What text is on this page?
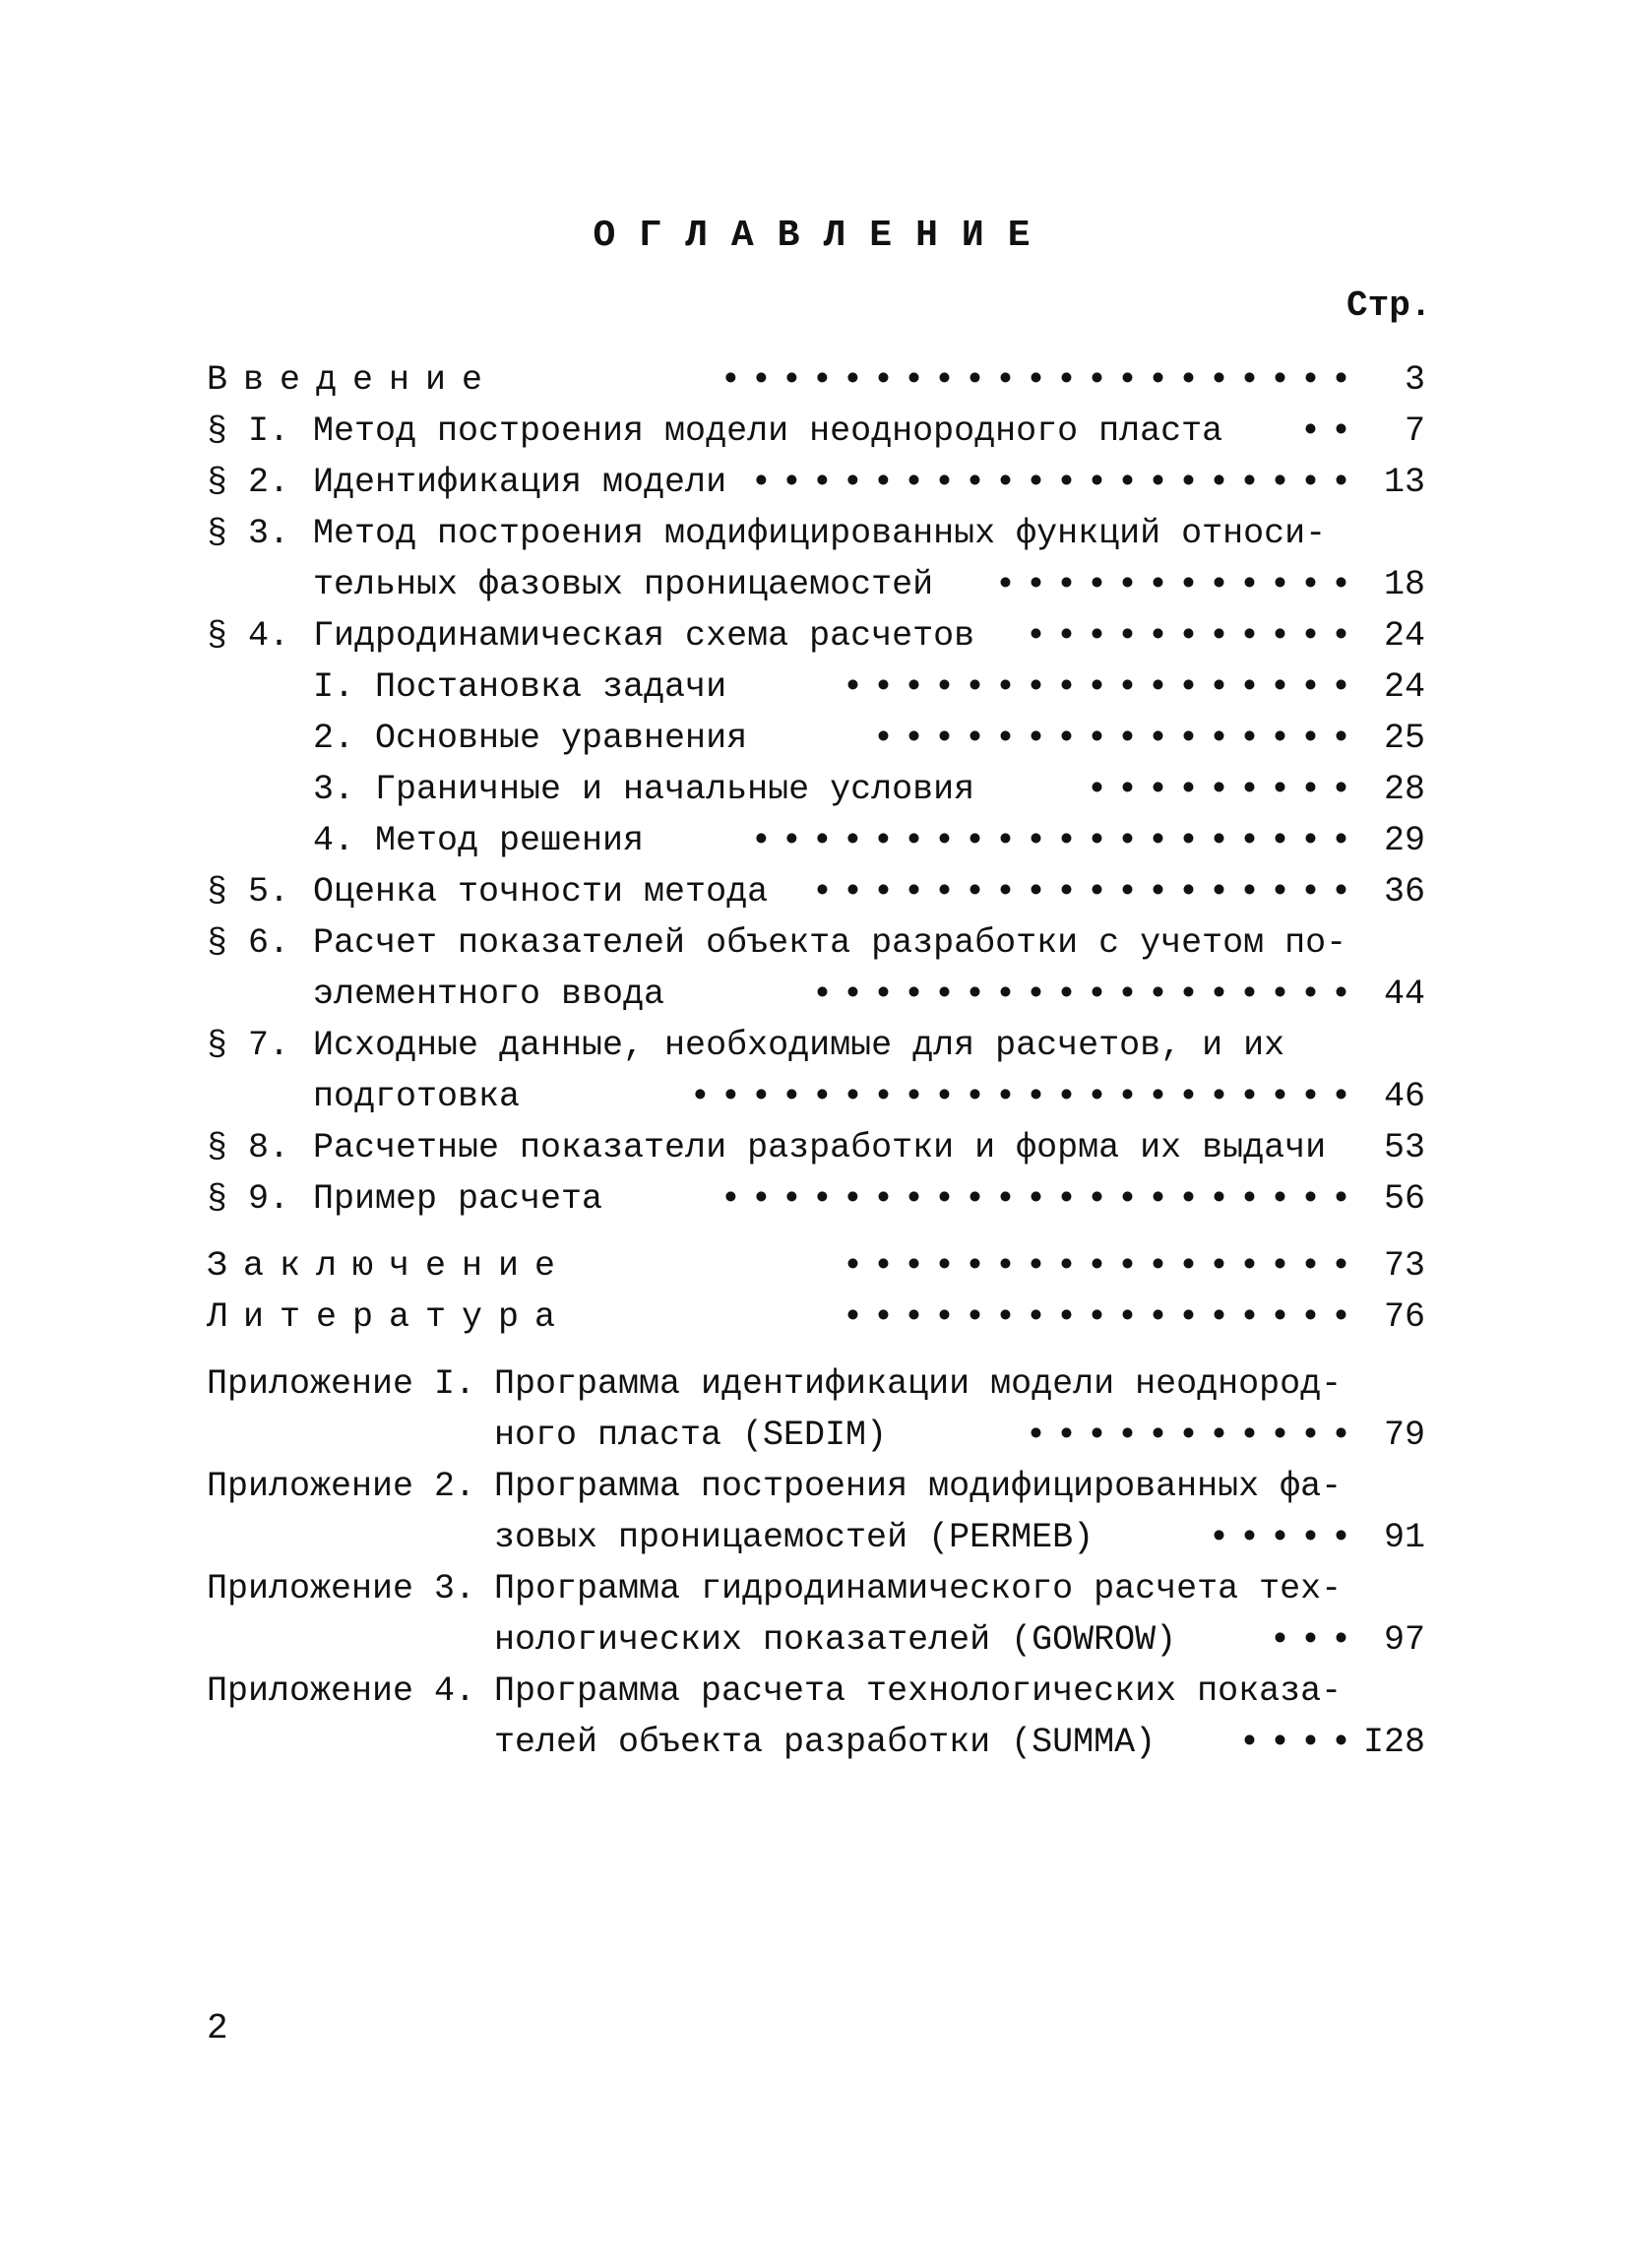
ОГЛАВЛЕНИЕ
Стр.
Введение	••••••••••••••••••••• 3
§ I. Метод построения модели неоднородного пласта •• 7
§ 2. Идентификация модели •••••••••••••••••••• 13
§ 3. Метод построения модифицированных функций относи-
тельных фазовых проницаемостей •••••••••••• 18
§ 4. Гидродинамическая схема расчетов ••••••••••• 24
I. Постановка задачи	••••••••••••••••• 24
2. Основные уравнения	•••••••••••••••• 25
3. Граничные и начальные условия	••••••••• 28
4. Метод решения	•••••••••••••••••••• 29
§ 5. Оценка точности метода •••••••••••••••••• 36
§ 6. Расчет показателей объекта разработки с учетом по-
элементного ввода	•••••••••••••••••• 44
§ 7. Исходные данные, необходимые для расчетов, и их
подготовка	•••••••••••••••••••••• 46
§ 8. Расчетные показатели разработки и форма их выдачи 53
§ 9. Пример расчета	••••••••••••••••••••• 56
Заключение	••••••••••••••••• 73
Литература	••••••••••••••••• 76
Приложение I. Программа идентификации модели неоднород-
ного пласта (SEDIM)	••••••••••• 79
Приложение 2. Программа построения модифицированных фа-
зовых проницаемостей (PERMEB)	••••• 91
Приложение 3. Программа гидродинамического расчета тех-
нологических показателей (GOWROW)	••• 97
Приложение 4. Программа расчета технологических показа-
телей объекта разработки (SUMMA) •••• I28
2
